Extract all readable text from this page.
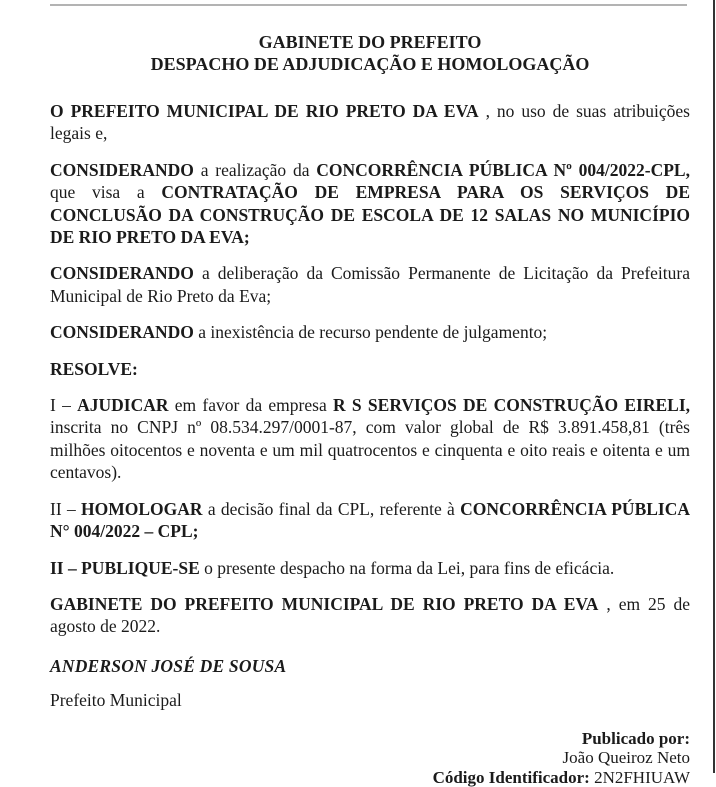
GABINETE DO PREFEITO
DESPACHO DE ADJUDICAÇÃO E HOMOLOGAÇÃO

O PREFEITO MUNICIPAL DE RIO PRETO DA EVA , no uso de suas atribuições legais e,

CONSIDERANDO a realização da CONCORRÊNCIA PÚBLICA Nº 004/2022-CPL, que visa a CONTRATAÇÃO DE EMPRESA PARA OS SERVIÇOS DE CONCLUSÃO DA CONSTRUÇÃO DE ESCOLA DE 12 SALAS NO MUNICÍPIO DE RIO PRETO DA EVA;

CONSIDERANDO a deliberação da Comissão Permanente de Licitação da Prefeitura Municipal de Rio Preto da Eva;

CONSIDERANDO a inexistência de recurso pendente de julgamento;

RESOLVE:

I – AJUDICAR em favor da empresa R S SERVIÇOS DE CONSTRUÇÃO EIRELI, inscrita no CNPJ nº 08.534.297/0001-87, com valor global de R$ 3.891.458,81 (três milhões oitocentos e noventa e um mil quatrocentos e cinquenta e oito reais e oitenta e um centavos).

II – HOMOLOGAR a decisão final da CPL, referente à CONCORRÊNCIA PÚBLICA N° 004/2022 – CPL;

II – PUBLIQUE-SE o presente despacho na forma da Lei, para fins de eficácia.

GABINETE DO PREFEITO MUNICIPAL DE RIO PRETO DA EVA , em 25 de agosto de 2022.

ANDERSON JOSÉ DE SOUSA

Prefeito Municipal

Publicado por:
João Queiroz Neto
Código Identificador: 2N2FHIUAW
